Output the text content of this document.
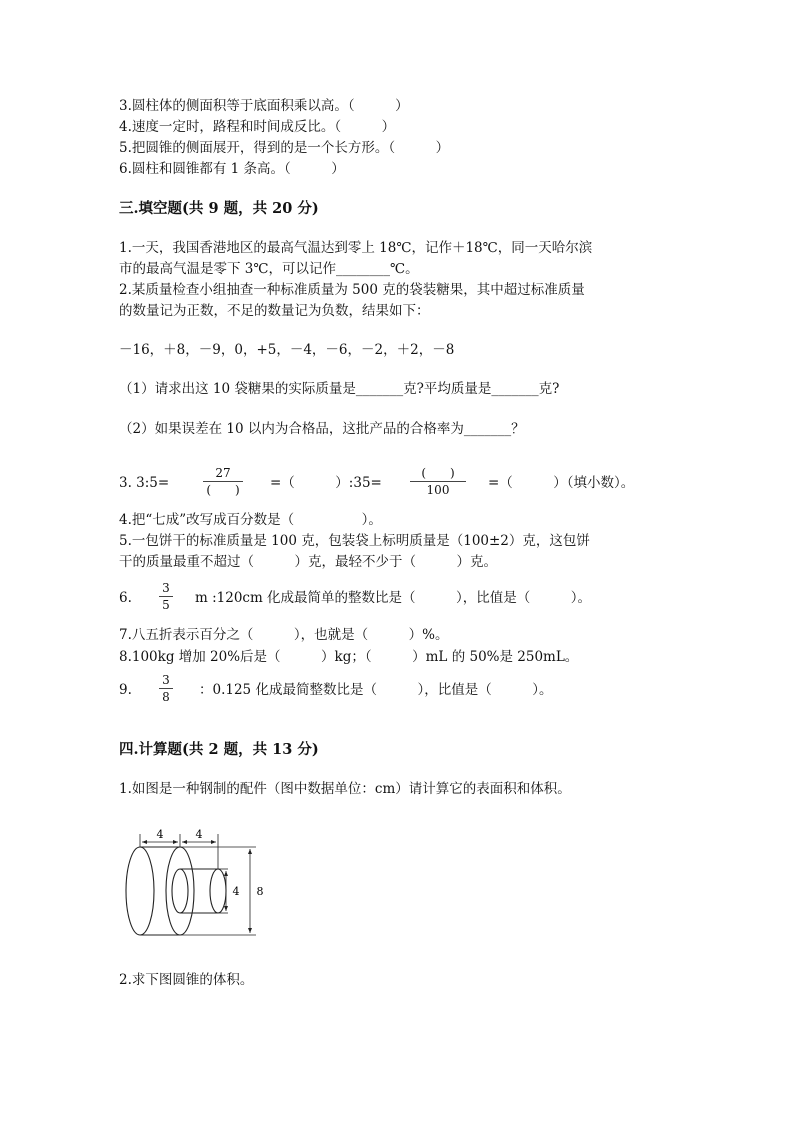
3.圆柱体的侧面积等于底面积乘以高。（　　　）
4.速度一定时，路程和时间成反比。（　　　）
5.把圆锥的侧面展开，得到的是一个长方形。（　　　）
6.圆柱和圆锥都有 1 条高。（　　　）
三.填空题(共 9 题，共 20 分)
1.一天，我国香港地区的最高气温达到零上 18℃，记作＋18℃，同一天哈尔滨
市的最高气温是零下 3℃，可以记作________℃。
2.某质量检查小组抽查一种标准质量为 500 克的袋装糖果，其中超过标准质量
的数量记为正数，不足的数量记为负数，结果如下：
－16，＋8，－9，0，+5，－4，－6，－2，＋2，－8
（1）请求出这 10 袋糖果的实际质量是_______克?平均质量是_______克?
（2）如果误差在 10 以内为合格品，这批产品的合格率为_______？
3. 3:5=
27
(　　) =（　　　）:35=
(　　)
100	=（　　　）（填小数）。
4.把“七成”改写成百分数是（　　　　　）。
5.一包饼干的标准质量是 100 克，包装袋上标明质量是（100±2）克，这包饼
干的质量最重不超过（　　　）克，最轻不少于（　　　）克。
6.
3
5 m :120cm 化成最简单的整数比是（　　　），比值是（　　　）。
7.八五折表示百分之（　　　），也就是（　　　）%。
8.100kg 增加 20%后是（　　　）kg；（　　　）mL 的 50%是 250mL。
9.
3
8 ：0.125 化成最简整数比是（　　　），比值是（　　　）。
四.计算题(共 2 题，共 13 分)
1.如图是一种钢制的配件（图中数据单位：cm）请计算它的表面积和体积。
4	4
4 8
2.求下图圆锥的体积。
